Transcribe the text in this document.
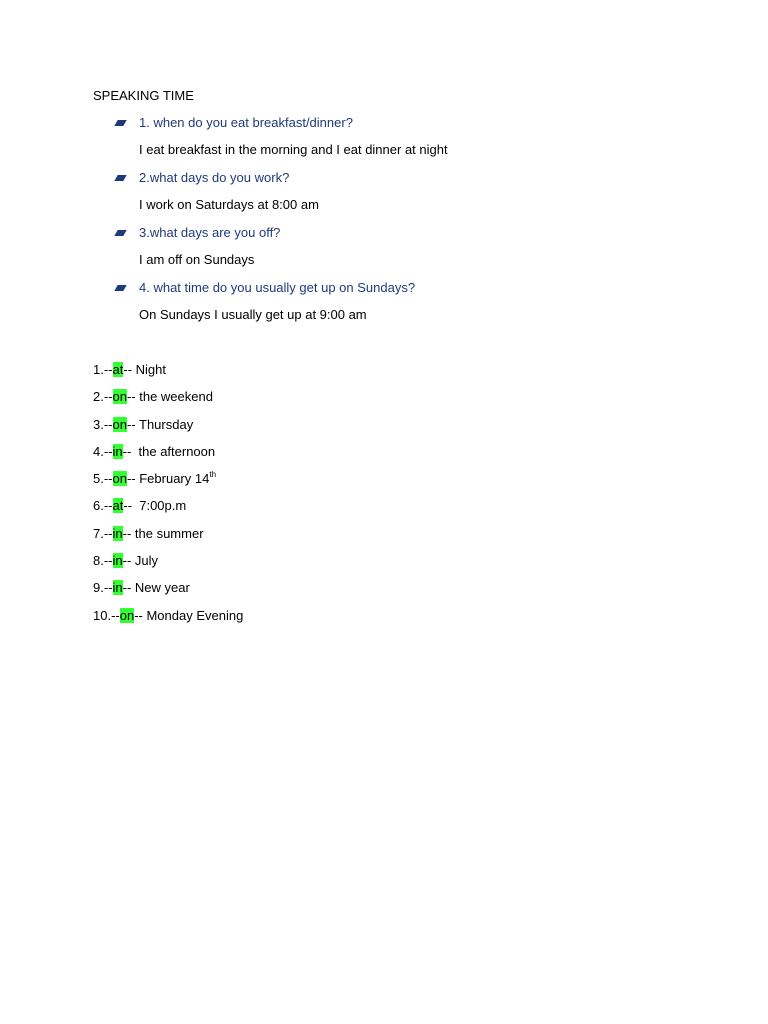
SPEAKING TIME
1. when do you eat breakfast/dinner?
I eat breakfast in the morning and I eat dinner at night
2.what days do you work?
I work on Saturdays at 8:00 am
3.what days are you off?
I am off on Sundays
4. what time do you usually get up on Sundays?
On Sundays I usually get up at 9:00 am
1.--at-- Night
2.--on-- the weekend
3.--on-- Thursday
4.--in--  the afternoon
5.--on-- February 14th
6.--at--  7:00p.m
7.--in-- the summer
8.--in-- July
9.--in-- New year
10.--on-- Monday Evening
